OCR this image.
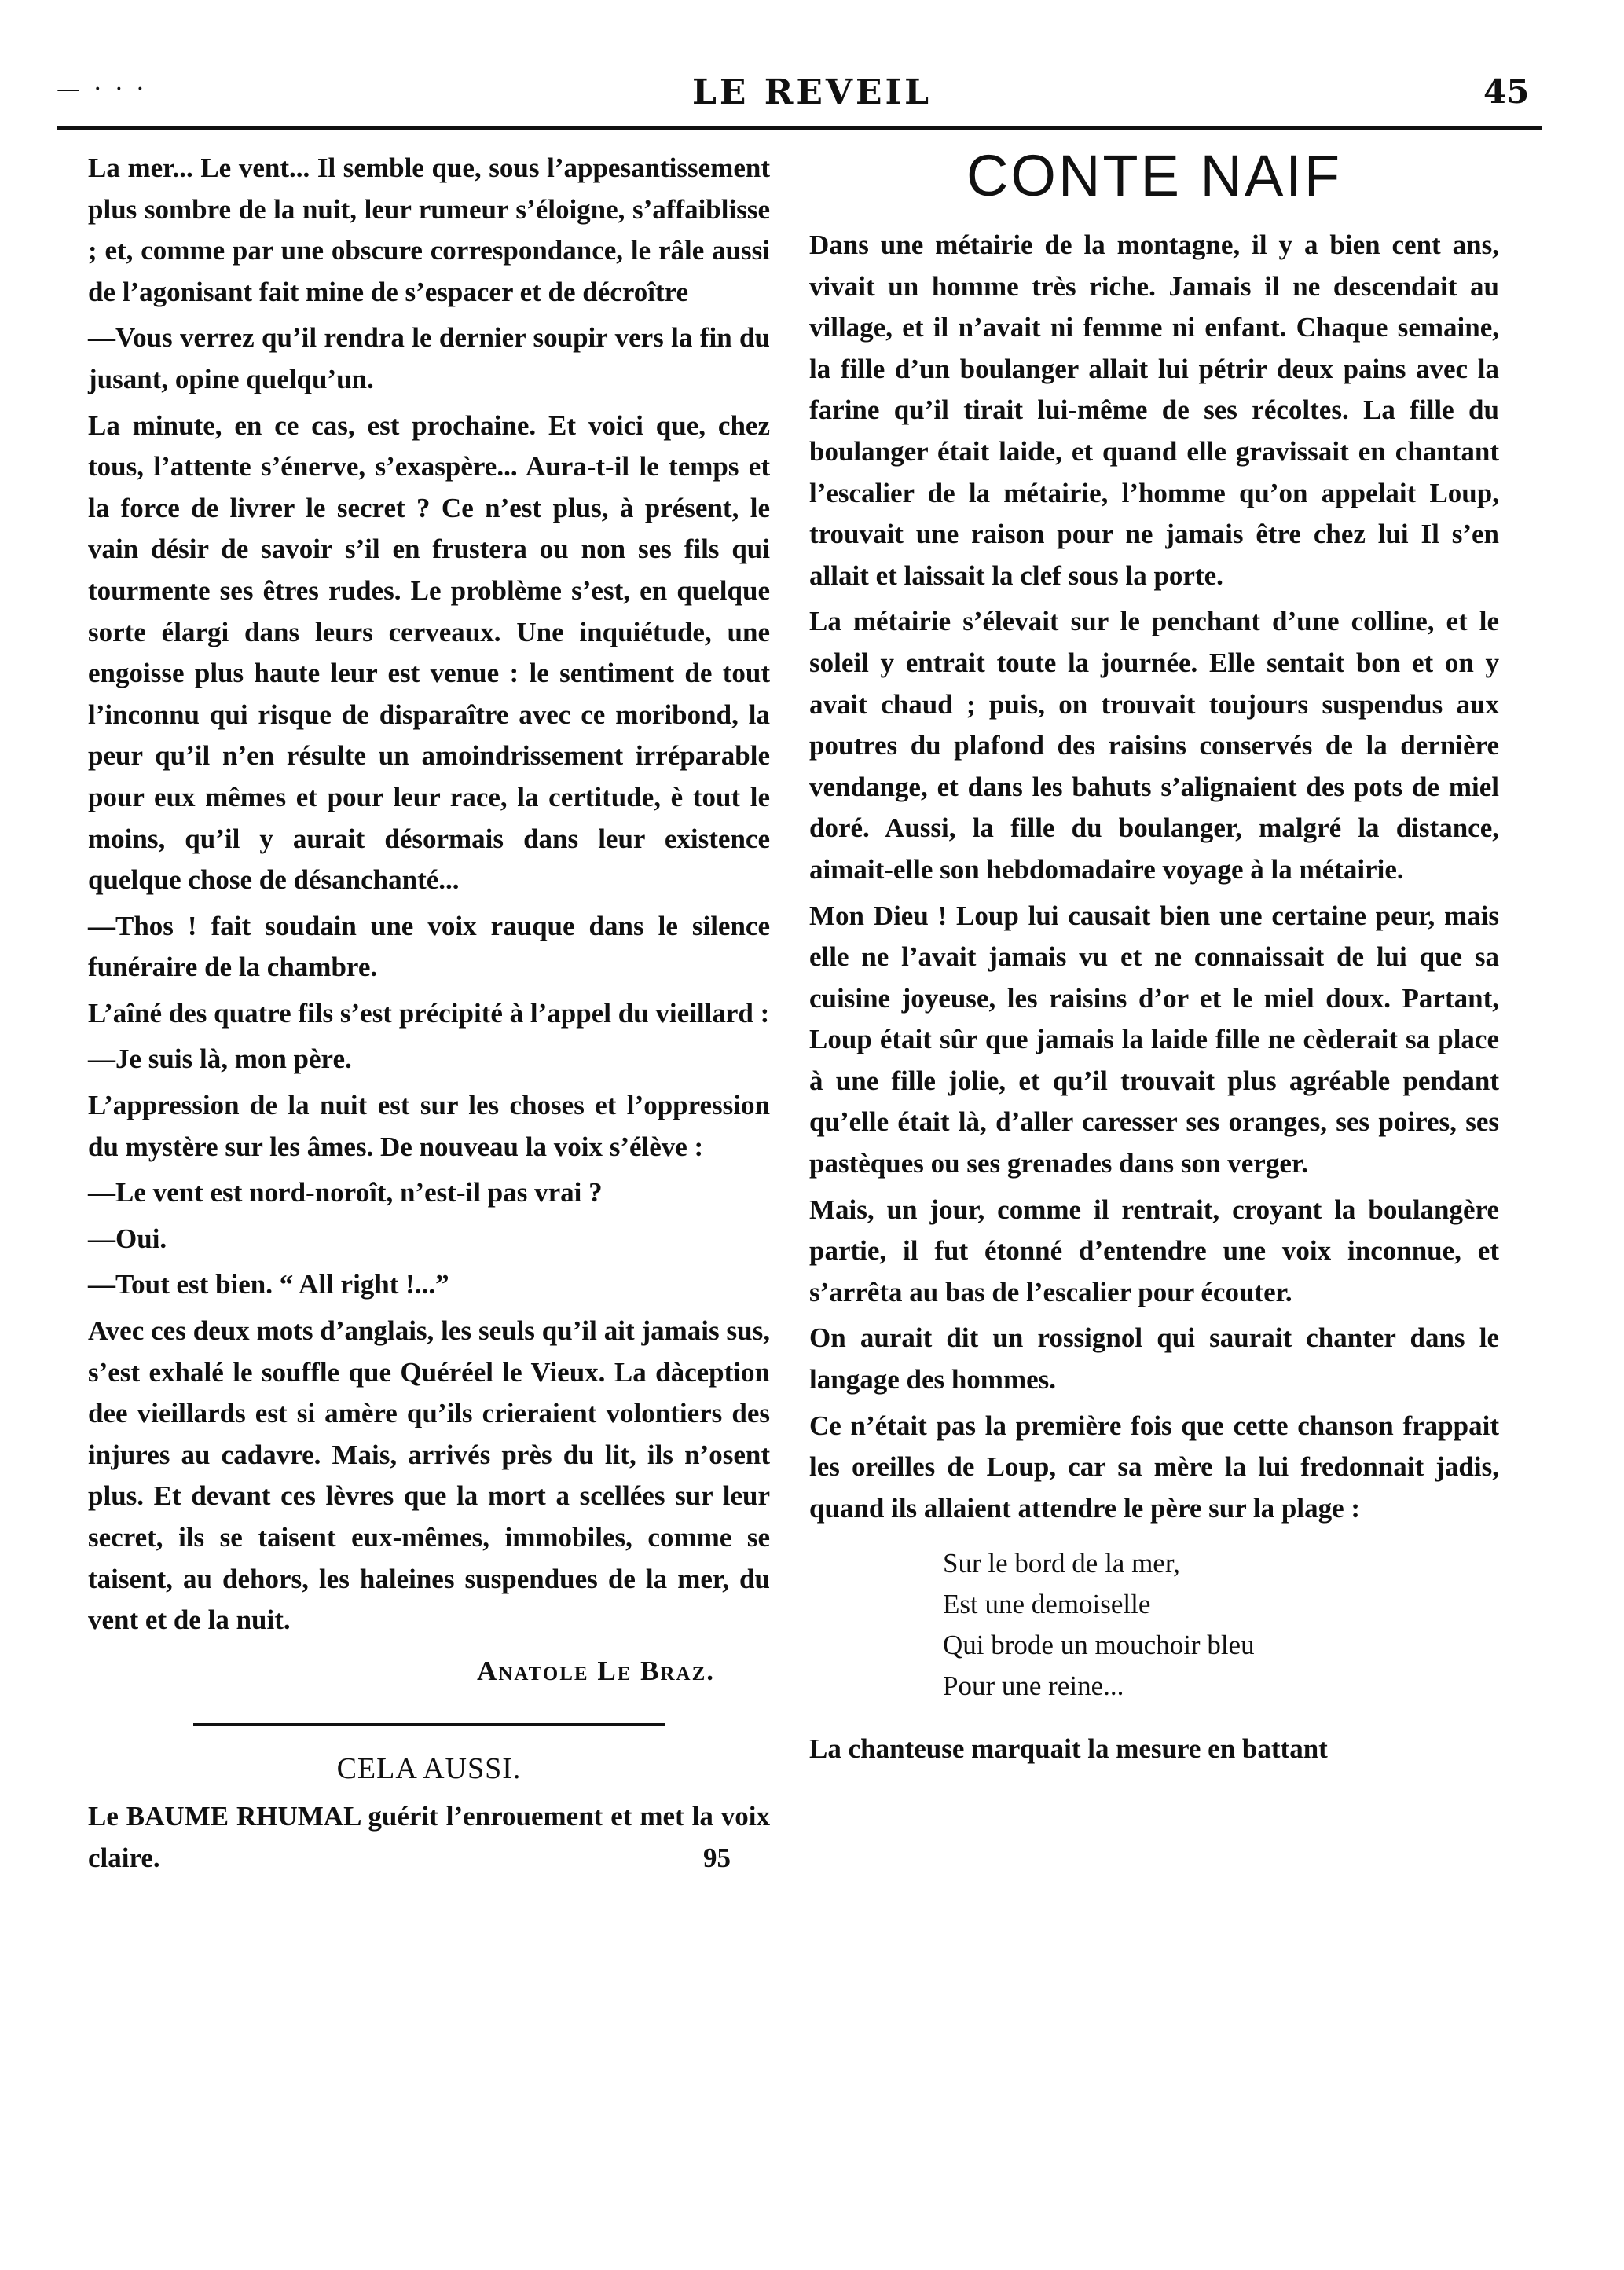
— · · ·	LE REVEIL	45

La mer... Le vent... Il semble que, sous l’appesantissement plus sombre de la nuit, leur rumeur s’éloigne, s’affaiblisse ; et, comme par une obscure correspondance, le râle aussi de l’agonisant fait mine de s’espacer et de décroître

—Vous verrez qu’il rendra le dernier soupir vers la fin du jusant, opine quelqu’un.

La minute, en ce cas, est prochaine. Et voici que, chez tous, l’attente s’énerve, s’exaspère... Aura-t-il le temps et la force de livrer le secret ? Ce n’est plus, à présent, le vain désir de savoir s’il en frustera ou non ses fils qui tourmente ses êtres rudes. Le problème s’est, en quelque sorte élargi dans leurs cerveaux. Une inquiétude, une engoisse plus haute leur est venue : le sentiment de tout l’inconnu qui risque de disparaître avec ce moribond, la peur qu’il n’en résulte un amoindrissement irréparable pour eux mêmes et pour leur race, la certitude, è tout le moins, qu’il y aurait désormais dans leur existence quelque chose de désanchanté...

—Thos ! fait soudain une voix rauque dans le silence funéraire de la chambre.

L’aîné des quatre fils s’est précipité à l’appel du vieillard :

—Je suis là, mon père.

L’appression de la nuit est sur les choses et l’oppression du mystère sur les âmes. De nouveau la voix s’élève :

—Le vent est nord-noroît, n’est-il pas vrai ?

—Oui.

—Tout est bien. “ All right !...”

Avec ces deux mots d’anglais, les seuls qu’il ait jamais sus, s’est exhalé le souffle que Quéréel le Vieux. La dàception dee vieillards est si amère qu’ils crieraient volontiers des injures au cadavre. Mais, arrivés près du lit, ils n’osent plus. Et devant ces lèvres que la mort a scellées sur leur secret, ils se taisent eux-mêmes, immobiles, comme se taisent, au dehors, les haleines suspendues de la mer, du vent et de la nuit.

Anatole Le Braz.

CELA AUSSI.

Le BAUME RHUMAL guérit l’enrouement et met la voix claire.	95

CONTE NAIF

Dans une métairie de la montagne, il y a bien cent ans, vivait un homme très riche. Jamais il ne descendait au village, et il n’avait ni femme ni enfant. Chaque semaine, la fille d’un boulanger allait lui pétrir deux pains avec la farine qu’il tirait lui-même de ses récoltes. La fille du boulanger était laide, et quand elle gravissait en chantant l’escalier de la métairie, l’homme qu’on appelait Loup, trouvait une raison pour ne jamais être chez lui Il s’en allait et laissait la clef sous la porte.

La métairie s’élevait sur le penchant d’une colline, et le soleil y entrait toute la journée. Elle sentait bon et on y avait chaud ; puis, on trouvait toujours suspendus aux poutres du plafond des raisins conservés de la dernière vendange, et dans les bahuts s’alignaient des pots de miel doré. Aussi, la fille du boulanger, malgré la distance, aimait-elle son hebdomadaire voyage à la métairie.

Mon Dieu ! Loup lui causait bien une certaine peur, mais elle ne l’avait jamais vu et ne connaissait de lui que sa cuisine joyeuse, les raisins d’or et le miel doux. Partant, Loup était sûr que jamais la laide fille ne cèderait sa place à une fille jolie, et qu’il trouvait plus agréable pendant qu’elle était là, d’aller caresser ses oranges, ses poires, ses pastèques ou ses grenades dans son verger.

Mais, un jour, comme il rentrait, croyant la boulangère partie, il fut étonné d’entendre une voix inconnue, et s’arrêta au bas de l’escalier pour écouter.

On aurait dit un rossignol qui saurait chanter dans le langage des hommes.

Ce n’était pas la première fois que cette chanson frappait les oreilles de Loup, car sa mère la lui fredonnait jadis, quand ils allaient attendre le père sur la plage :

Sur le bord de la mer,
Est une demoiselle
Qui brode un mouchoir bleu
Pour une reine...

La chanteuse marquait la mesure en battant
